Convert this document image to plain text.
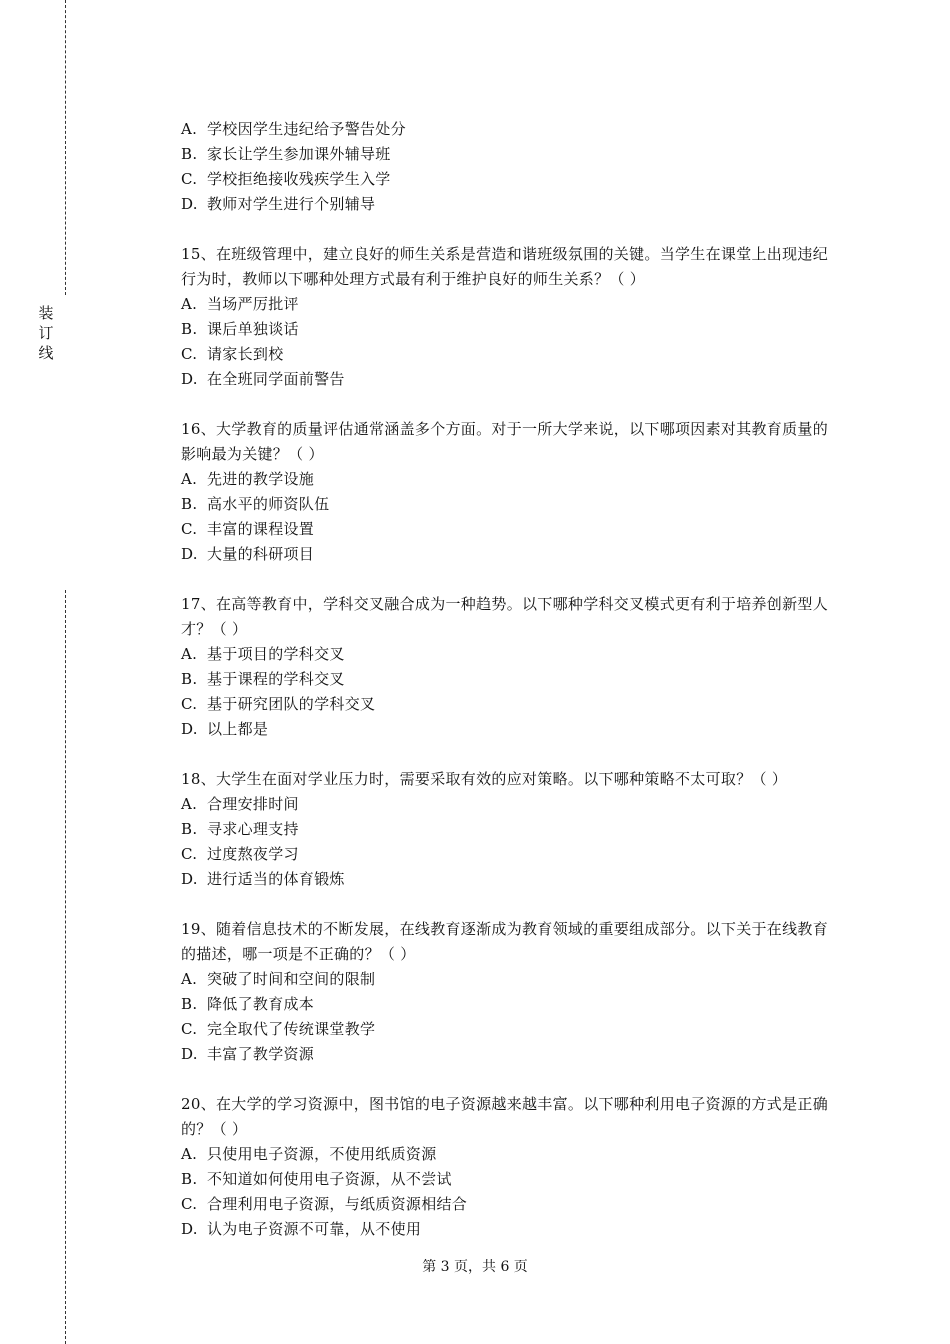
装
订
线

A. 学校因学生违纪给予警告处分

B. 家长让学生参加课外辅导班

C. 学校拒绝接收残疾学生入学

D. 教师对学生进行个别辅导

15、在班级管理中，建立良好的师生关系是营造和谐班级氛围的关键。当学生在课堂上出现违纪行为时，教师以下哪种处理方式最有利于维护良好的师生关系？（ ）

A. 当场严厉批评

B. 课后单独谈话

C. 请家长到校

D. 在全班同学面前警告

16、大学教育的质量评估通常涵盖多个方面。对于一所大学来说，以下哪项因素对其教育质量的影响最为关键？（ ）

A. 先进的教学设施

B. 高水平的师资队伍

C. 丰富的课程设置

D. 大量的科研项目

17、在高等教育中，学科交叉融合成为一种趋势。以下哪种学科交叉模式更有利于培养创新型人才？（ ）

A. 基于项目的学科交叉

B. 基于课程的学科交叉

C. 基于研究团队的学科交叉

D. 以上都是

18、大学生在面对学业压力时，需要采取有效的应对策略。以下哪种策略不太可取？（ ）

A. 合理安排时间

B. 寻求心理支持

C. 过度熬夜学习

D. 进行适当的体育锻炼

19、随着信息技术的不断发展，在线教育逐渐成为教育领域的重要组成部分。以下关于在线教育的描述，哪一项是不正确的？（ ）

A. 突破了时间和空间的限制

B. 降低了教育成本

C. 完全取代了传统课堂教学

D. 丰富了教学资源

20、在大学的学习资源中，图书馆的电子资源越来越丰富。以下哪种利用电子资源的方式是正确的？（ ）

A. 只使用电子资源，不使用纸质资源

B. 不知道如何使用电子资源，从不尝试

C. 合理利用电子资源，与纸质资源相结合

D. 认为电子资源不可靠，从不使用

第 3 页，共 6 页
